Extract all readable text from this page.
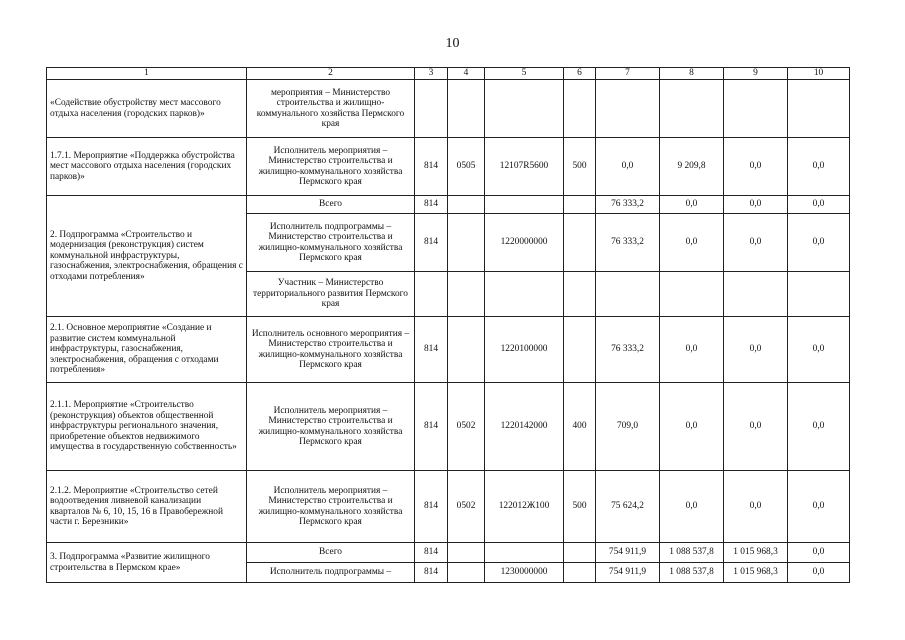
10
1	2	3	4	5	6	7	8	9	10
«Содействие обустройству мест массового отдыха населения (городских парков)»	мероприятия – Министерство строительства и жилищно-коммунального хозяйства Пермского края								
1.7.1. Мероприятие «Поддержка обустройства мест массового отдыха населения (городских парков)»	Исполнитель мероприятия – Министерство строительства и жилищно-коммунального хозяйства Пермского края	814	0505	12107R5600	500	0,0	9 209,8	0,0	0,0
2. Подпрограмма «Строительство и модернизация (реконструкция) систем коммунальной инфраструктуры, газоснабжения, электроснабжения, обращения с отходами потребления»	Всего	814				76 333,2	0,0	0,0	0,0
	Исполнитель подпрограммы – Министерство строительства и жилищно-коммунального хозяйства Пермского края	814		1220000000		76 333,2	0,0	0,0	0,0
	Участник – Министерство территориального развития Пермского края								
2.1. Основное мероприятие «Создание и развитие систем коммунальной инфраструктуры, газоснабжения, электроснабжения, обращения с отходами потребления»	Исполнитель основного мероприятия – Министерство строительства и жилищно-коммунального хозяйства Пермского края	814		1220100000		76 333,2	0,0	0,0	0,0
2.1.1. Мероприятие «Строительство (реконструкция) объектов общественной инфраструктуры регионального значения, приобретение объектов недвижимого имущества в государственную собственность»	Исполнитель мероприятия – Министерство строительства и жилищно-коммунального хозяйства Пермского края	814	0502	1220142000	400	709,0	0,0	0,0	0,0
2.1.2. Мероприятие «Строительство сетей водоотведения ливневой канализации кварталов № 6, 10, 15, 16 в Правобережной части г. Березники»	Исполнитель мероприятия – Министерство строительства и жилищно-коммунального хозяйства Пермского края	814	0502	122012Ж100	500	75 624,2	0,0	0,0	0,0
3. Подпрограмма «Развитие жилищного строительства в Пермском крае»	Всего	814				754 911,9	1 088 537,8	1 015 968,3	0,0
	Исполнитель подпрограммы –	814		1230000000		754 911,9	1 088 537,8	1 015 968,3	0,0
